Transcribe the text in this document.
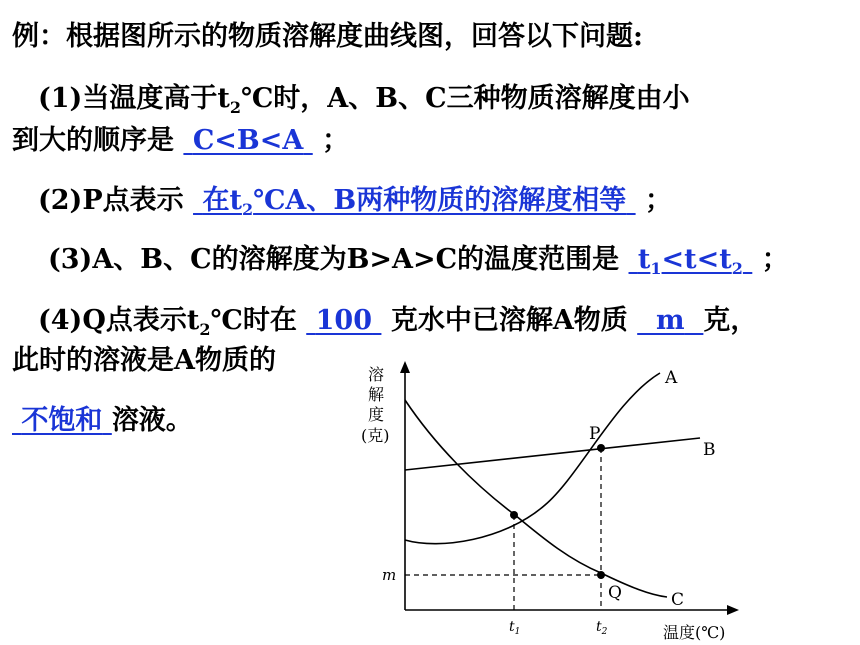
例：根据图所示的物质溶解度曲线图，回答以下问题:
(1)当温度高于$t_2℃$时，A、B、C三种物质溶解度由小
到大的顺序是 C<B<A ；
(2)P点表示 在$t_2℃A$、B两种物质的溶解度相等 ；
(3)A、B、C的溶解度为B>A>C的温度范围是 $t_1<t<t_2$ ；
(4)Q点表示$t_2℃$时在 100 克水中已溶解A物质 m 克，
此时的溶液是A物质的
不饱和 溶液。
溶
解
度
(克)
A
B
C
P
Q
m
$t_1$	$t_2$	温度(℃)
